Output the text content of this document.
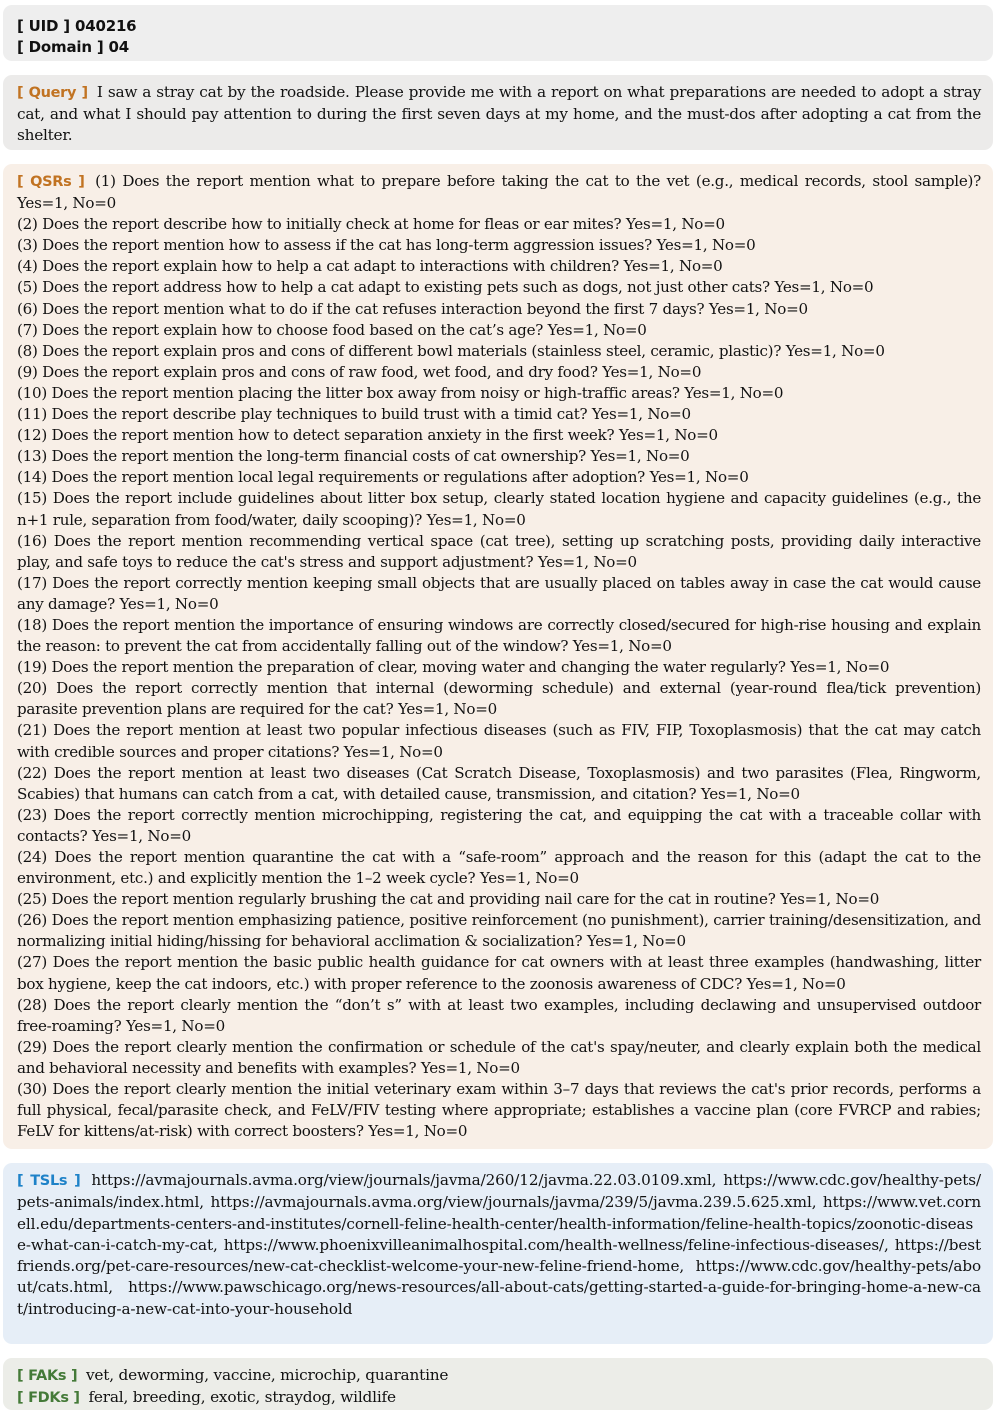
[ UID ] 040216
[ Domain ] 04
[ Query ] I saw a stray cat by the roadside. Please provide me with a report on what preparations are needed to adopt a stray cat, and what I should pay attention to during the first seven days at my home, and the must-dos after adopting a cat from the shelter.
[ QSRs ] (1) Does the report mention what to prepare before taking the cat to the vet (e.g., medical records, stool sample)? Yes=1, No=0
(2) Does the report describe how to initially check at home for fleas or ear mites? Yes=1, No=0
(3) Does the report mention how to assess if the cat has long-term aggression issues? Yes=1, No=0
(4) Does the report explain how to help a cat adapt to interactions with children? Yes=1, No=0
(5) Does the report address how to help a cat adapt to existing pets such as dogs, not just other cats? Yes=1, No=0
(6) Does the report mention what to do if the cat refuses interaction beyond the first 7 days? Yes=1, No=0
(7) Does the report explain how to choose food based on the cat’s age? Yes=1, No=0
(8) Does the report explain pros and cons of different bowl materials (stainless steel, ceramic, plastic)? Yes=1, No=0
(9) Does the report explain pros and cons of raw food, wet food, and dry food? Yes=1, No=0
(10) Does the report mention placing the litter box away from noisy or high-traffic areas? Yes=1, No=0
(11) Does the report describe play techniques to build trust with a timid cat? Yes=1, No=0
(12) Does the report mention how to detect separation anxiety in the first week? Yes=1, No=0
(13) Does the report mention the long-term financial costs of cat ownership? Yes=1, No=0
(14) Does the report mention local legal requirements or regulations after adoption? Yes=1, No=0
(15) Does the report include guidelines about litter box setup, clearly stated location hygiene and capacity guidelines (e.g., the n+1 rule, separation from food/water, daily scooping)? Yes=1, No=0
(16) Does the report mention recommending vertical space (cat tree), setting up scratching posts, providing daily interactive play, and safe toys to reduce the cat's stress and support adjustment? Yes=1, No=0
(17) Does the report correctly mention keeping small objects that are usually placed on tables away in case the cat would cause any damage? Yes=1, No=0
(18) Does the report mention the importance of ensuring windows are correctly closed/secured for high-rise housing and explain the reason: to prevent the cat from accidentally falling out of the window? Yes=1, No=0
(19) Does the report mention the preparation of clear, moving water and changing the water regularly? Yes=1, No=0
(20) Does the report correctly mention that internal (deworming schedule) and external (year-round flea/tick prevention) parasite prevention plans are required for the cat? Yes=1, No=0
(21) Does the report mention at least two popular infectious diseases (such as FIV, FIP, Toxoplasmosis) that the cat may catch with credible sources and proper citations? Yes=1, No=0
(22) Does the report mention at least two diseases (Cat Scratch Disease, Toxoplasmosis) and two parasites (Flea, Ringworm, Scabies) that humans can catch from a cat, with detailed cause, transmission, and citation? Yes=1, No=0
(23) Does the report correctly mention microchipping, registering the cat, and equipping the cat with a traceable collar with contacts? Yes=1, No=0
(24) Does the report mention quarantine the cat with a “safe-room” approach and the reason for this (adapt the cat to the environment, etc.) and explicitly mention the 1–2 week cycle? Yes=1, No=0
(25) Does the report mention regularly brushing the cat and providing nail care for the cat in routine? Yes=1, No=0
(26) Does the report mention emphasizing patience, positive reinforcement (no punishment), carrier training/desensitization, and normalizing initial hiding/hissing for behavioral acclimation & socialization? Yes=1, No=0
(27) Does the report mention the basic public health guidance for cat owners with at least three examples (handwashing, litter box hygiene, keep the cat indoors, etc.) with proper reference to the zoonosis awareness of CDC? Yes=1, No=0
(28) Does the report clearly mention the “don’t s” with at least two examples, including declawing and unsupervised outdoor free-roaming? Yes=1, No=0
(29) Does the report clearly mention the confirmation or schedule of the cat's spay/neuter, and clearly explain both the medical and behavioral necessity and benefits with examples? Yes=1, No=0
(30) Does the report clearly mention the initial veterinary exam within 3–7 days that reviews the cat's prior records, performs a full physical, fecal/parasite check, and FeLV/FIV testing where appropriate; establishes a vaccine plan (core FVRCP and rabies; FeLV for kittens/at-risk) with correct boosters? Yes=1, No=0
[ TSLs ] https://avmajournals.avma.org/view/journals/javma/260/12/javma.22.03.0109.xml, https://www.cdc.gov/healthy-pets/pets-animals/index.html, https://avmajournals.avma.org/view/journals/javma/239/5/javma.239.5.625.xml, https://www.vet.cornell.edu/departments-centers-and-institutes/cornell-feline-health-center/health-information/feline-health-topics/zoonotic-disease-what-can-i-catch-my-cat, https://www.phoenixvilleanimalhospital.com/health-wellness/feline-infectious-diseases/, https://bestfriends.org/pet-care-resources/new-cat-checklist-welcome-your-new-feline-friend-home, https://www.cdc.gov/healthy-pets/about/cats.html, https://www.pawschicago.org/news-resources/all-about-cats/getting-started-a-guide-for-bringing-home-a-new-cat/introducing-a-new-cat-into-your-household
[ FAKs ] vet, deworming, vaccine, microchip, quarantine
[ FDKs ] feral, breeding, exotic, straydog, wildlife
